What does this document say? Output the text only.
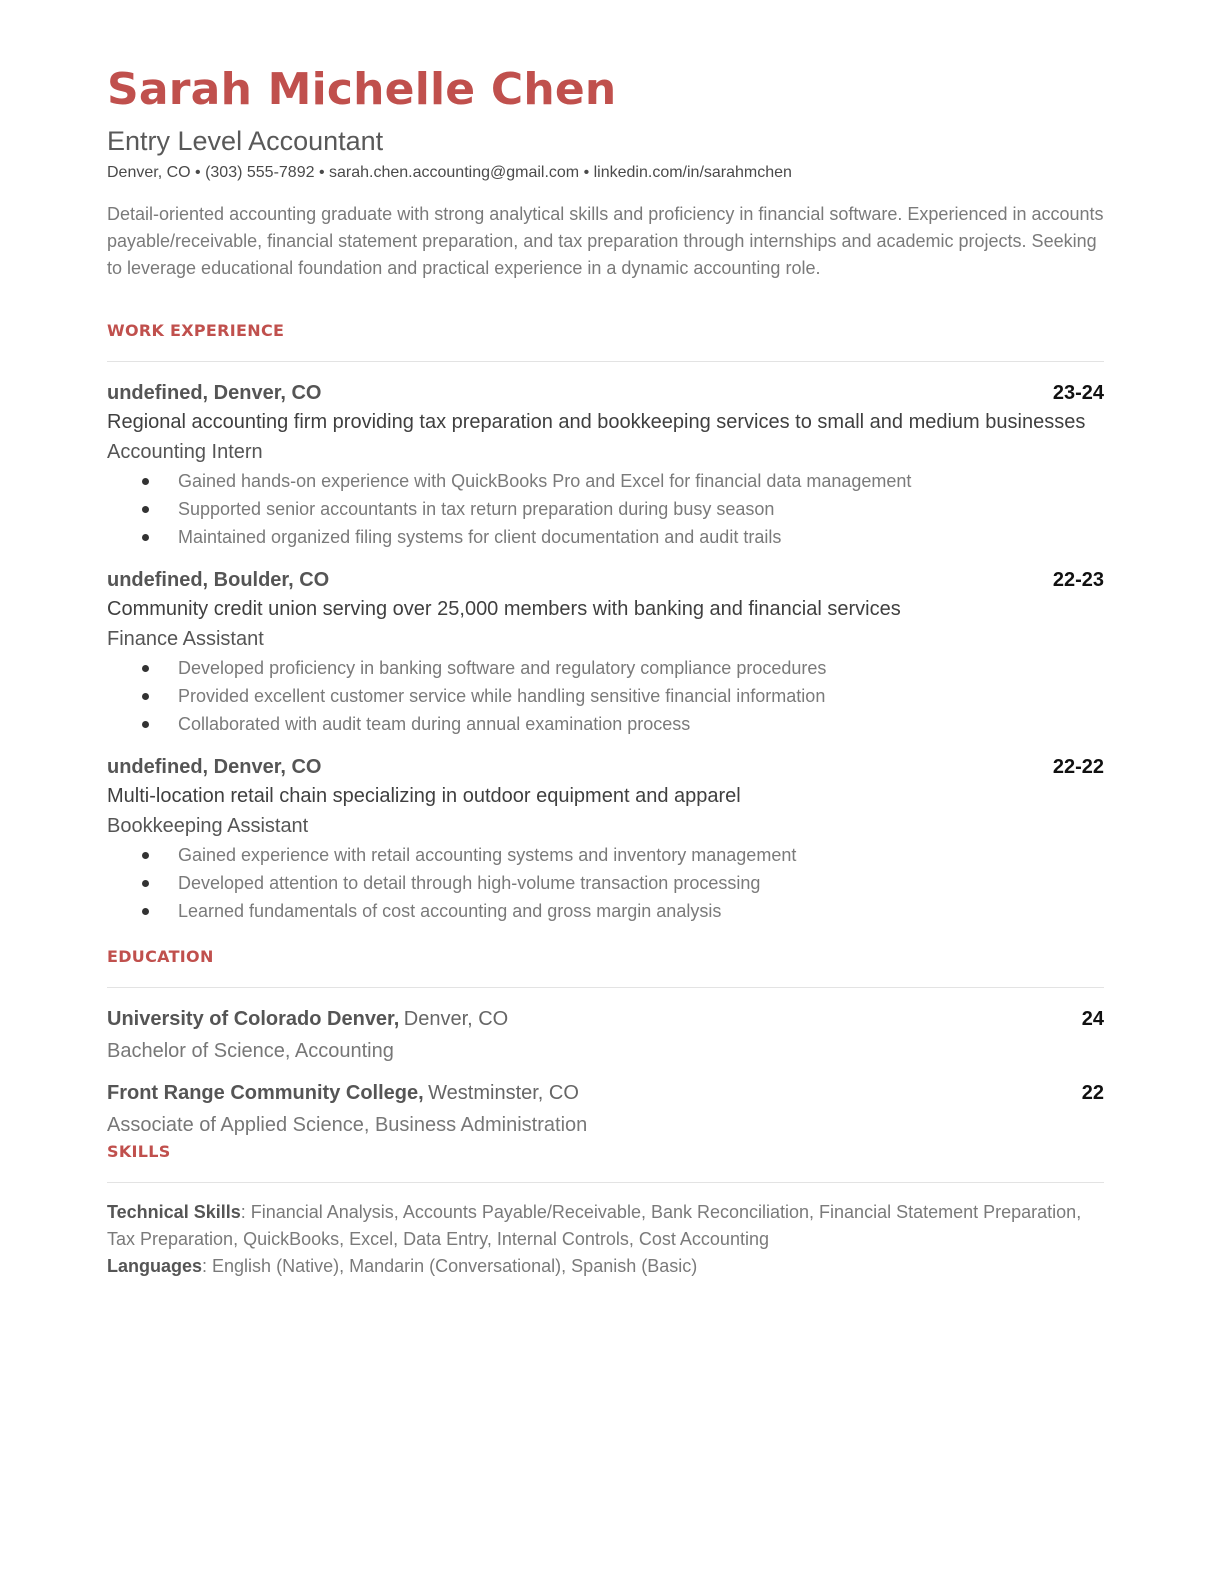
Sarah Michelle Chen
Entry Level Accountant
Denver, CO • (303) 555-7892 • sarah.chen.accounting@gmail.com • linkedin.com/in/sarahmchen
Detail-oriented accounting graduate with strong analytical skills and proficiency in financial software. Experienced in accounts payable/receivable, financial statement preparation, and tax preparation through internships and academic projects. Seeking to leverage educational foundation and practical experience in a dynamic accounting role.
WORK EXPERIENCE
undefined, Denver, CO	23-24
Regional accounting firm providing tax preparation and bookkeeping services to small and medium businesses
Accounting Intern
Gained hands-on experience with QuickBooks Pro and Excel for financial data management
Supported senior accountants in tax return preparation during busy season
Maintained organized filing systems for client documentation and audit trails
undefined, Boulder, CO	22-23
Community credit union serving over 25,000 members with banking and financial services
Finance Assistant
Developed proficiency in banking software and regulatory compliance procedures
Provided excellent customer service while handling sensitive financial information
Collaborated with audit team during annual examination process
undefined, Denver, CO	22-22
Multi-location retail chain specializing in outdoor equipment and apparel
Bookkeeping Assistant
Gained experience with retail accounting systems and inventory management
Developed attention to detail through high-volume transaction processing
Learned fundamentals of cost accounting and gross margin analysis
EDUCATION
University of Colorado Denver, Denver, CO	24
Bachelor of Science, Accounting
Front Range Community College, Westminster, CO	22
Associate of Applied Science, Business Administration
SKILLS
Technical Skills: Financial Analysis, Accounts Payable/Receivable, Bank Reconciliation, Financial Statement Preparation, Tax Preparation, QuickBooks, Excel, Data Entry, Internal Controls, Cost Accounting
Languages: English (Native), Mandarin (Conversational), Spanish (Basic)
